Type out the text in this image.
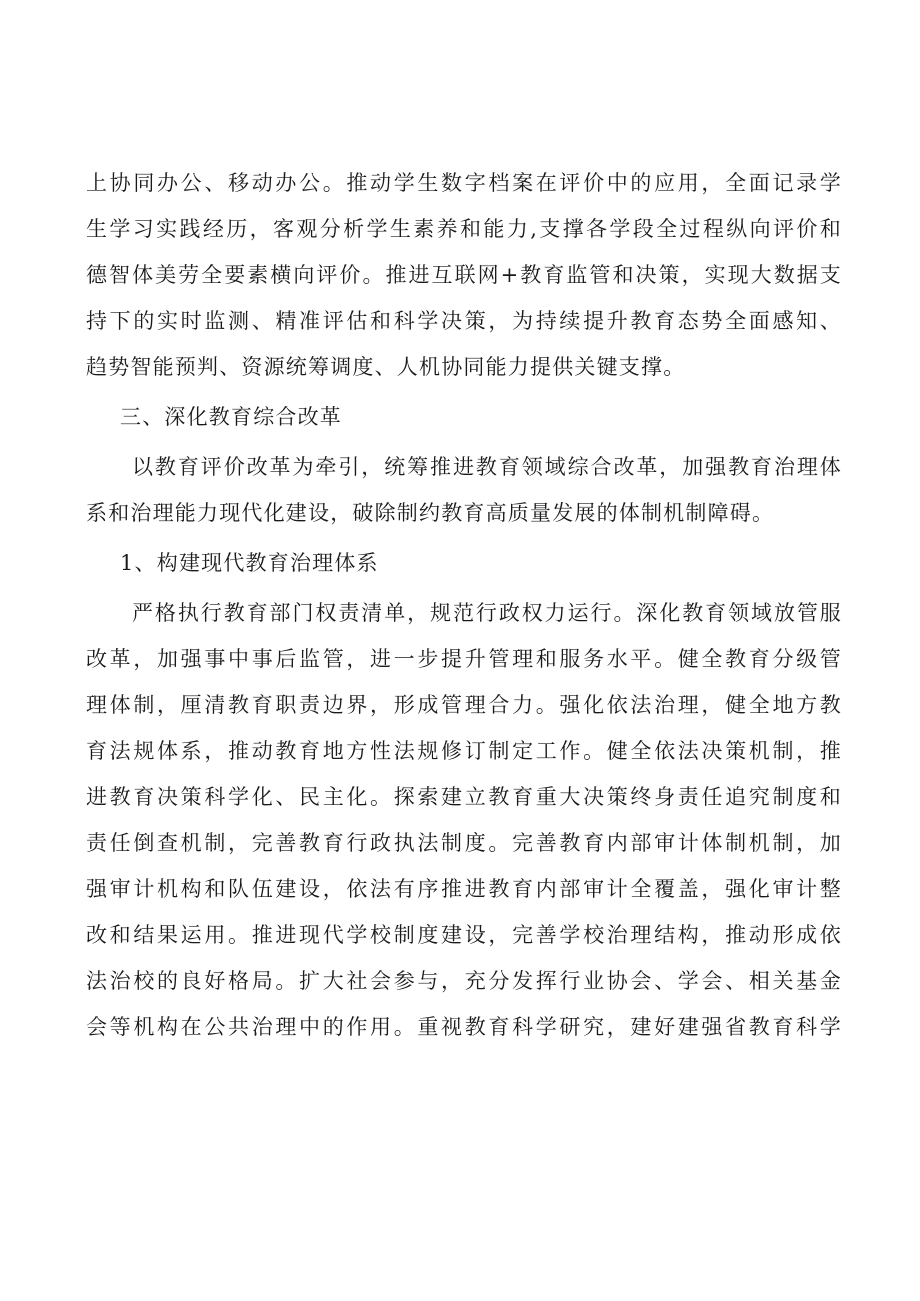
上协同办公、移动办公。推动学生数字档案在评价中的应用，全面记录学
生学习实践经历，客观分析学生素养和能力,支撑各学段全过程纵向评价和
德智体美劳全要素横向评价。推进互联网+教育监管和决策，实现大数据支
持下的实时监测、精准评估和科学决策，为持续提升教育态势全面感知、
趋势智能预判、资源统筹调度、人机协同能力提供关键支撑。
三、深化教育综合改革
以教育评价改革为牵引，统筹推进教育领域综合改革，加强教育治理体
系和治理能力现代化建设，破除制约教育高质量发展的体制机制障碍。
1、构建现代教育治理体系
严格执行教育部门权责清单，规范行政权力运行。深化教育领域放管服
改革，加强事中事后监管，进一步提升管理和服务水平。健全教育分级管
理体制，厘清教育职责边界，形成管理合力。强化依法治理，健全地方教
育法规体系，推动教育地方性法规修订制定工作。健全依法决策机制，推
进教育决策科学化、民主化。探索建立教育重大决策终身责任追究制度和
责任倒查机制，完善教育行政执法制度。完善教育内部审计体制机制，加
强审计机构和队伍建设，依法有序推进教育内部审计全覆盖，强化审计整
改和结果运用。推进现代学校制度建设，完善学校治理结构，推动形成依
法治校的良好格局。扩大社会参与，充分发挥行业协会、学会、相关基金
会等机构在公共治理中的作用。重视教育科学研究，建好建强省教育科学
